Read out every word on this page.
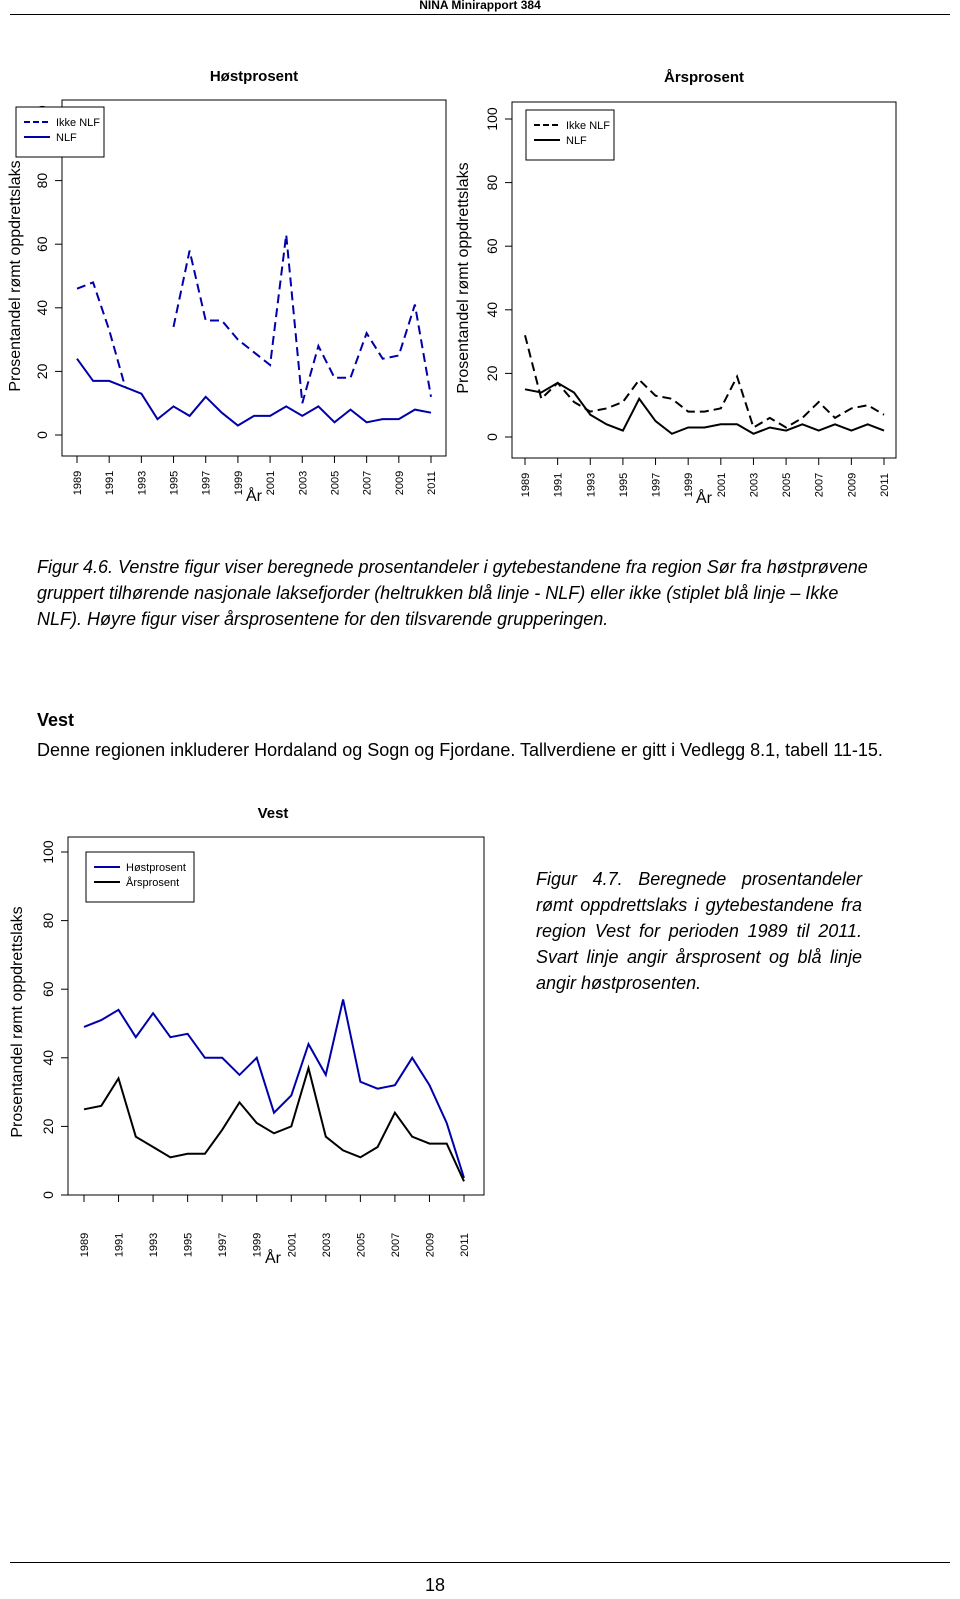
NINA Minirapport 384
Høstprosent
0
20
40
60
80
1989 1991 1993 1995 1997 1999 2001 2003 2005 2007 2009 2011
År
Prosentandel rømt oppdrettslaks
Ikke NLF
NLF
Årsprosent
0
20
40
60
80
100
1989 1991 1993 1995 1997 1999 2001 2003 2005 2007 2009 2011
År
Prosentandel rømt oppdrettslaks
Ikke NLF
NLF
Figur 4.6. Venstre figur viser beregnede prosentandeler i gytebestandene fra region Sør fra høstprøvene gruppert tilhørende nasjonale laksefjorder (heltrukken blå linje - NLF) eller ikke (stiplet blå linje – Ikke NLF). Høyre figur viser årsprosentene for den tilsvarende grupperingen.
Vest
Denne regionen inkluderer Hordaland og Sogn og Fjordane. Tallverdiene er gitt i Vedlegg 8.1, tabell 11-15.
Vest
0
20
40
60
80
100
1989 1991 1993 1995 1997 1999 2001 2003 2005 2007 2009 2011
År
Prosentandel rømt oppdrettslaks
Høstprosent
Årsprosent	Figur 4.7. Beregnede prosentandeler rømt oppdrettslaks i gytebestandene fra region Vest for perioden 1989 til 2011. Svart linje angir årsprosent og blå linje angir høstprosenten.
18
